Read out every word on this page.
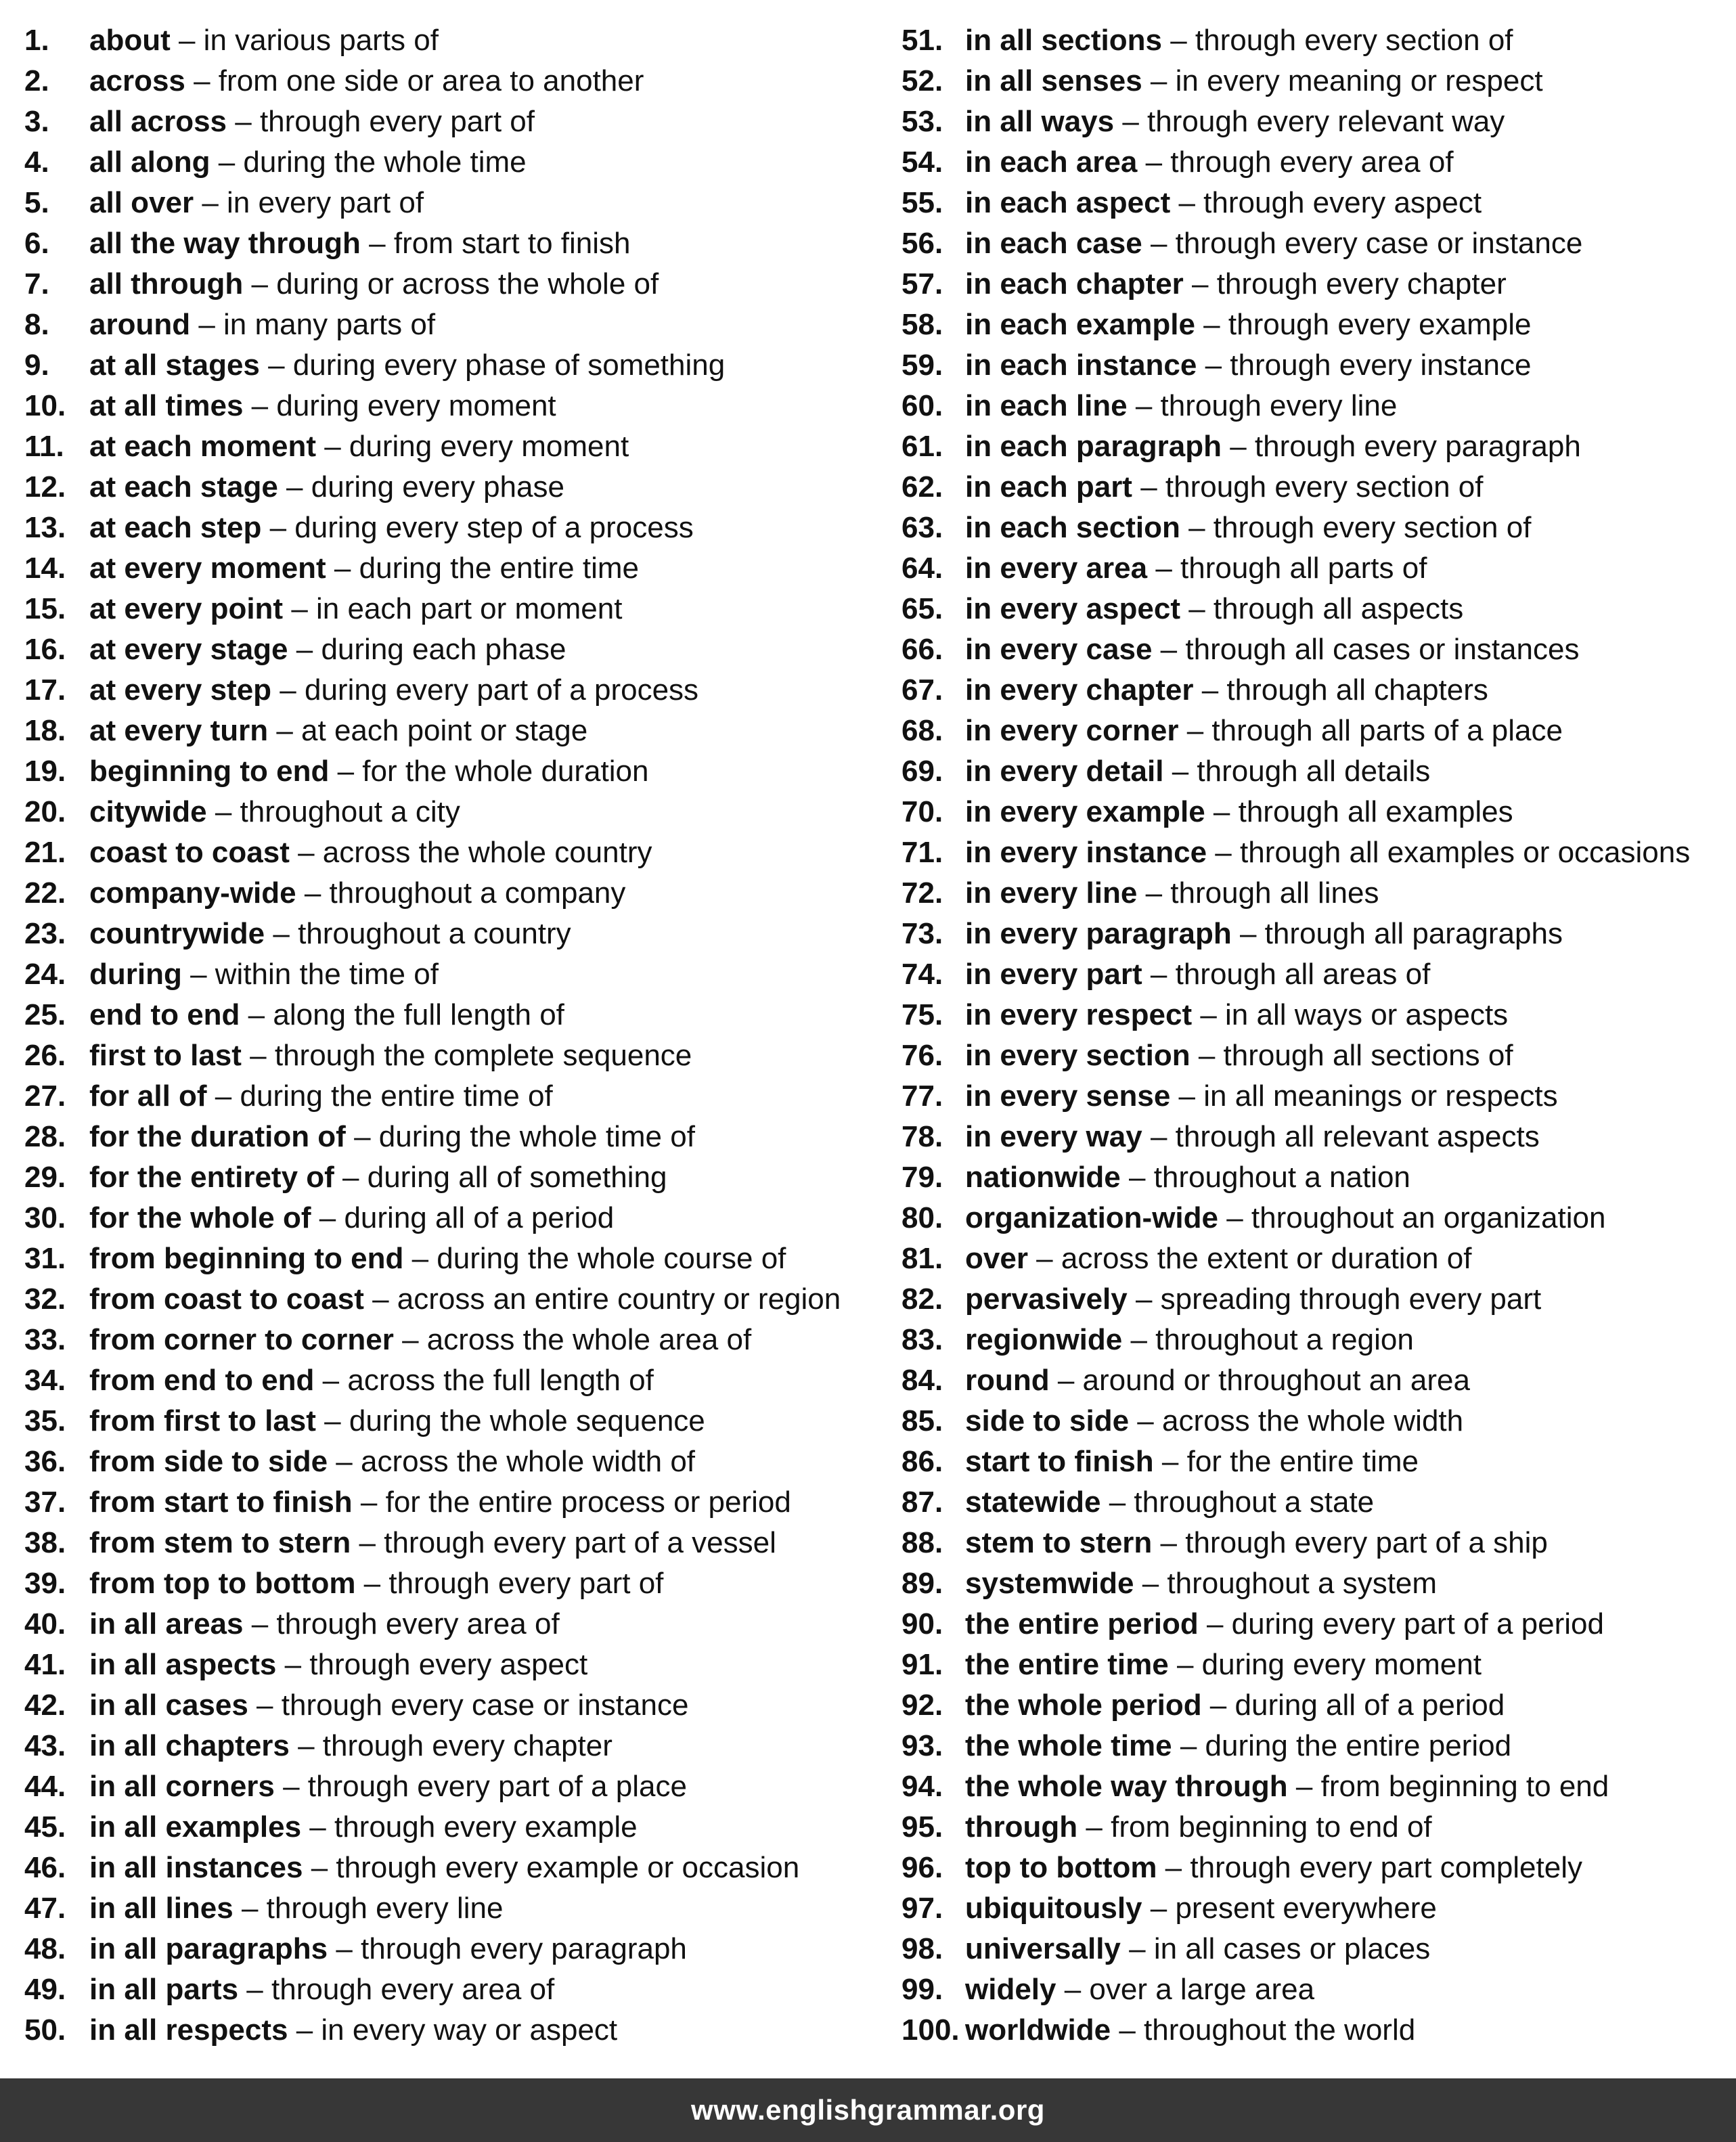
1.	about – in various parts of
2.	across – from one side or area to another
3.	all across – through every part of
4.	all along – during the whole time
5.	all over – in every part of
6.	all the way through – from start to finish
7.	all through – during or across the whole of
8.	around – in many parts of
9.	at all stages – during every phase of something
10. at all times – during every moment
11. at each moment – during every moment
12. at each stage – during every phase
13. at each step – during every step of a process
14. at every moment – during the entire time
15. at every point – in each part or moment
16. at every stage – during each phase
17. at every step – during every part of a process
18. at every turn – at each point or stage
19. beginning to end – for the whole duration
20. citywide – throughout a city
21. coast to coast – across the whole country
22. company-wide – throughout a company
23. countrywide – throughout a country
24. during – within the time of
25. end to end – along the full length of
26. first to last – through the complete sequence
27. for all of – during the entire time of
28. for the duration of – during the whole time of
29. for the entirety of – during all of something
30. for the whole of – during all of a period
31. from beginning to end – during the whole course of
32. from coast to coast – across an entire country or region
33. from corner to corner – across the whole area of
34. from end to end – across the full length of
35. from first to last – during the whole sequence
36. from side to side – across the whole width of
37. from start to finish – for the entire process or period
38. from stem to stern – through every part of a vessel
39. from top to bottom – through every part of
40. in all areas – through every area of
41. in all aspects – through every aspect
42. in all cases – through every case or instance
43. in all chapters – through every chapter
44. in all corners – through every part of a place
45. in all examples – through every example
46. in all instances – through every example or occasion
47. in all lines – through every line
48. in all paragraphs – through every paragraph
49. in all parts – through every area of
50. in all respects – in every way or aspect
51. in all sections – through every section of
52. in all senses – in every meaning or respect
53. in all ways – through every relevant way
54. in each area – through every area of
55. in each aspect – through every aspect
56. in each case – through every case or instance
57. in each chapter – through every chapter
58. in each example – through every example
59. in each instance – through every instance
60. in each line – through every line
61. in each paragraph – through every paragraph
62. in each part – through every section of
63. in each section – through every section of
64. in every area – through all parts of
65. in every aspect – through all aspects
66. in every case – through all cases or instances
67. in every chapter – through all chapters
68. in every corner – through all parts of a place
69. in every detail – through all details
70. in every example – through all examples
71. in every instance – through all examples or occasions
72. in every line – through all lines
73. in every paragraph – through all paragraphs
74. in every part – through all areas of
75. in every respect – in all ways or aspects
76. in every section – through all sections of
77. in every sense – in all meanings or respects
78. in every way – through all relevant aspects
79. nationwide – throughout a nation
80. organization-wide – throughout an organization
81. over – across the extent or duration of
82. pervasively – spreading through every part
83. regionwide – throughout a region
84. round – around or throughout an area
85. side to side – across the whole width
86. start to finish – for the entire time
87. statewide – throughout a state
88. stem to stern – through every part of a ship
89. systemwide – throughout a system
90. the entire period – during every part of a period
91. the entire time – during every moment
92. the whole period – during all of a period
93. the whole time – during the entire period
94. the whole way through – from beginning to end
95. through – from beginning to end of
96. top to bottom – through every part completely
97. ubiquitously – present everywhere
98. universally – in all cases or places
99. widely – over a large area
100. worldwide – throughout the world
www.englishgrammar.org
